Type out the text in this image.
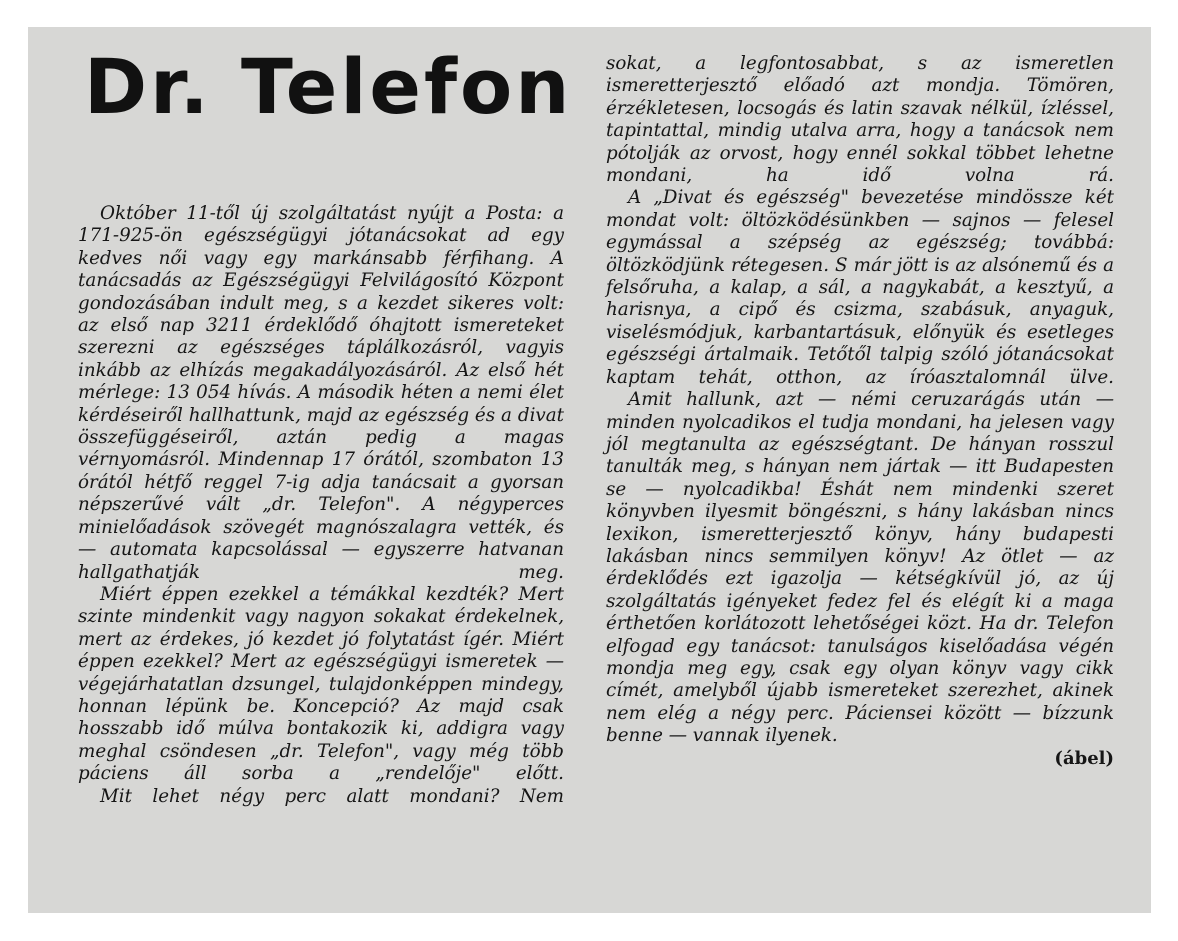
Dr. Telefon

Október 11-től új szolgáltatást nyújt a Posta: a 171-925-ön egészségügyi jótanácsokat ad egy kedves női vagy egy markánsabb férfihang. A tanácsadás az Egészségügyi Felvilágosító Központ gondozásában indult meg, s a kezdet sikeres volt: az első nap 3211 érdeklődő óhajtott ismereteket szerezni az egészséges táplálkozásról, vagyis inkább az elhízás megakadályozásáról. Az első hét mérlege: 13 054 hívás. A második héten a nemi élet kérdéseiről hallhattunk, majd az egészség és a divat összefüggéseiről, aztán pedig a magas vérnyomásról. Mindennap 17 órától, szombaton 13 órától hétfő reggel 7-ig adja tanácsait a gyorsan népszerűvé vált „dr. Telefon". A négyperces minielőadások szövegét magnószalagra vették, és — automata kapcsolással — egyszerre hatvanan hallgathatják meg.

Miért éppen ezekkel a témákkal kezdték? Mert szinte mindenkit vagy nagyon sokakat érdekelnek, mert az érdekes, jó kezdet jó folytatást ígér. Miért éppen ezekkel? Mert az egészségügyi ismeretek — végejárhatatlan dzsungel, tulajdonképpen mindegy, honnan lépünk be. Koncepció? Az majd csak hosszabb idő múlva bontakozik ki, addigra vagy meghal csöndesen „dr. Telefon", vagy még több páciens áll sorba a „rendelője" előtt.

Mit lehet négy perc alatt mondani? Nem

sokat, a legfontosabbat, s az ismeretlen ismeretterjesztő előadó azt mondja. Tömören, érzékletesen, locsogás és latin szavak nélkül, ízléssel, tapintattal, mindig utalva arra, hogy a tanácsok nem pótolják az orvost, hogy ennél sokkal többet lehetne mondani, ha idő volna rá.

A „Divat és egészség" bevezetése mindössze két mondat volt: öltözködésünkben — sajnos — felesel egymással a szépség az egészség; továbbá: öltözködjünk rétegesen. S már jött is az alsónemű és a felsőruha, a kalap, a sál, a nagykabát, a kesztyű, a harisnya, a cipő és csizma, szabásuk, anyaguk, viselésmódjuk, karbantartásuk, előnyük és esetleges egészségi ártalmaik. Tetőtől talpig szóló jótanácsokat kaptam tehát, otthon, az íróasztalomnál ülve.

Amit hallunk, azt — némi ceruzarágás után — minden nyolcadikos el tudja mondani, ha jelesen vagy jól megtanulta az egészségtant. De hányan rosszul tanulták meg, s hányan nem jártak — itt Budapesten se — nyolcadikba! Éshát nem mindenki szeret könyvben ilyesmit böngészni, s hány lakásban nincs lexikon, ismeretterjesztő könyv, hány budapesti lakásban nincs semmilyen könyv! Az ötlet — az érdeklődés ezt igazolja — kétségkívül jó, az új szolgáltatás igényeket fedez fel és elégít ki a maga érthetően korlátozott lehetőségei közt. Ha dr. Telefon elfogad egy tanácsot: tanulságos kiselőadása végén mondja meg egy, csak egy olyan könyv vagy cikk címét, amelyből újabb ismereteket szerezhet, akinek nem elég a négy perc. Páciensei között — bízzunk benne — vannak ilyenek.

(ábel)
